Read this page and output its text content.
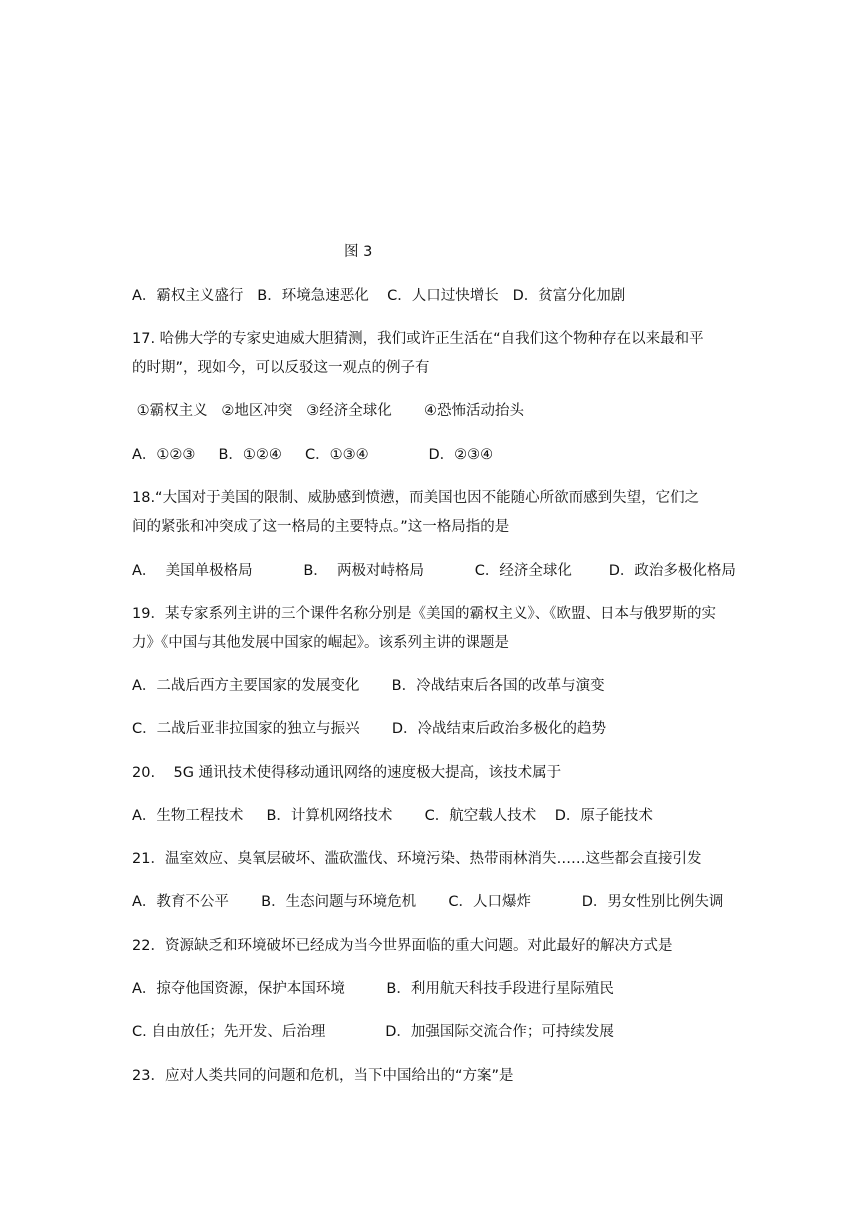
图 3
A．霸权主义盛行   B．环境急速恶化    C．人口过快增长   D．贫富分化加剧
17. 哈佛大学的专家史迪威大胆猜测，我们或许正生活在“自我们这个物种存在以来最和平
的时期”，现如今，可以反驳这一观点的例子有
①霸权主义   ②地区冲突   ③经济全球化       ④恐怖活动抬头
A．①②③     B．①②④     C．①③④             D．②③④
18.“大国对于美国的限制、威胁感到愤懑，而美国也因不能随心所欲而感到失望，它们之
间的紧张和冲突成了这一格局的主要特点。”这一格局指的是
A．  美国单极格局           B．  两极对峙格局           C．经济全球化        D．政治多极化格局
19．某专家系列主讲的三个课件名称分别是《美国的霸权主义》、《欧盟、日本与俄罗斯的实
力》《中国与其他发展中国家的崛起》。该系列主讲的课题是
A．二战后西方主要国家的发展变化       B．冷战结束后各国的改革与演变
C．二战后亚非拉国家的独立与振兴       D．冷战结束后政治多极化的趋势
20.    5G 通讯技术使得移动通讯网络的速度极大提高，该技术属于
A．生物工程技术     B．计算机网络技术       C．航空载人技术    D．原子能技术
21．温室效应、臭氧层破坏、滥砍滥伐、环境污染、热带雨林消失……这些都会直接引发
A．教育不公平       B．生态问题与环境危机       C．人口爆炸           D．男女性别比例失调
22．资源缺乏和环境破坏已经成为当今世界面临的重大问题。对此最好的解决方式是
A．掠夺他国资源，保护本国环境         B．利用航天科技手段进行星际殖民
C. 自由放任；先开发、后治理             D．加强国际交流合作；可持续发展
23．应对人类共同的问题和危机，当下中国给出的“方案”是
